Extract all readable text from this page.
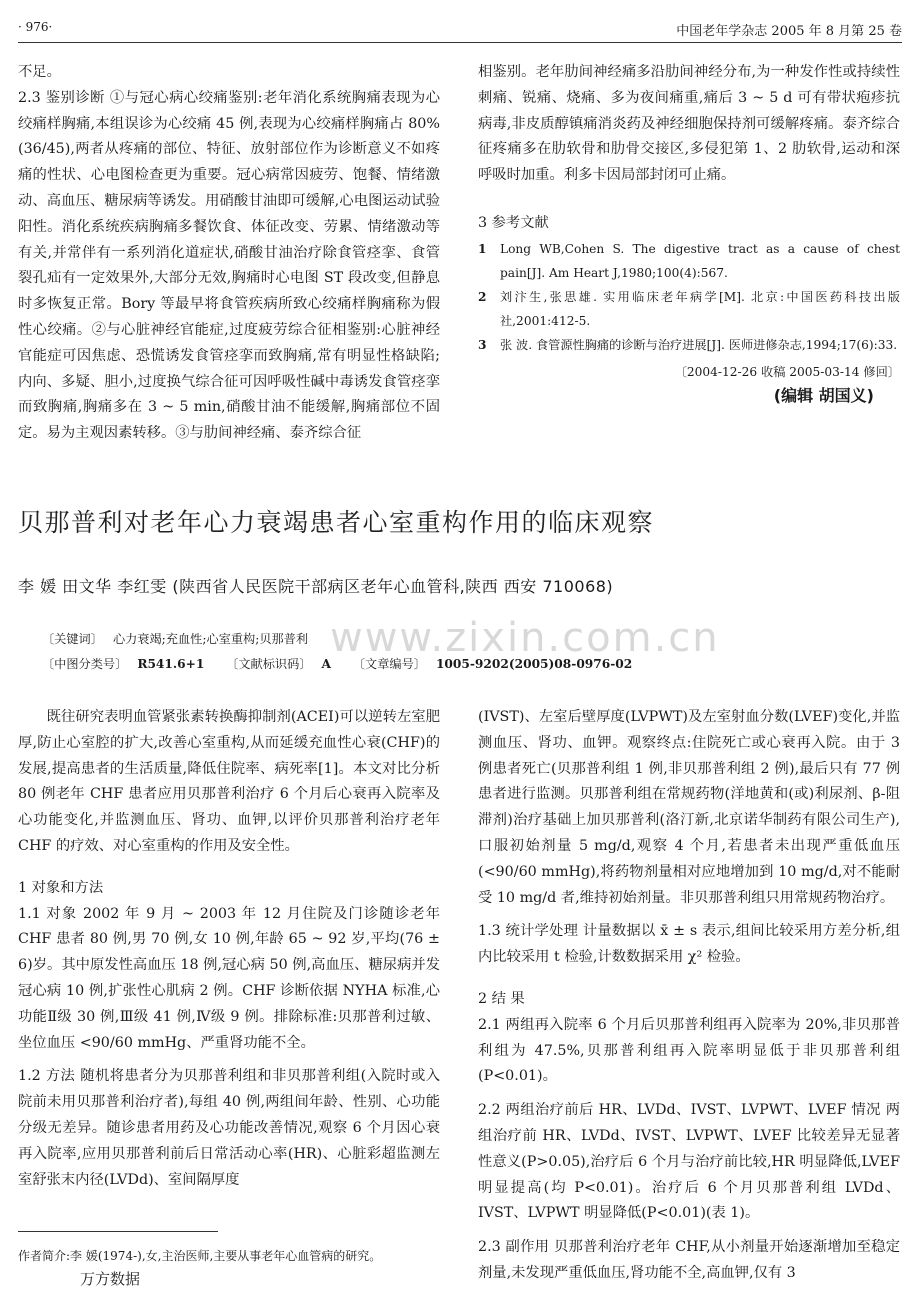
· 976·	中国老年学杂志 2005 年 8 月第 25 卷

不足。

2.3 鉴别诊断 ①与冠心病心绞痛鉴别:老年消化系统胸痛表现为心绞痛样胸痛,本组误诊为心绞痛 45 例,表现为心绞痛样胸痛占 80%(36/45),两者从疼痛的部位、特征、放射部位作为诊断意义不如疼痛的性状、心电图检查更为重要。冠心病常因疲劳、饱餐、情绪激动、高血压、糖尿病等诱发。用硝酸甘油即可缓解,心电图运动试验阳性。消化系统疾病胸痛多餐饮食、体征改变、劳累、情绪激动等有关,并常伴有一系列消化道症状,硝酸甘油治疗除食管痉挛、食管裂孔疝有一定效果外,大部分无效,胸痛时心电图 ST 段改变,但静息时多恢复正常。Bory 等最早将食管疾病所致心绞痛样胸痛称为假性心绞痛。②与心脏神经官能症,过度疲劳综合征相鉴别:心脏神经官能症可因焦虑、恐慌诱发食管痉挛而致胸痛,常有明显性格缺陷;内向、多疑、胆小,过度换气综合征可因呼吸性碱中毒诱发食管痉挛而致胸痛,胸痛多在 3 ~ 5 min,硝酸甘油不能缓解,胸痛部位不固定。易为主观因素转移。③与肋间神经痛、泰齐综合征

相鉴别。老年肋间神经痛多沿肋间神经分布,为一种发作性或持续性刺痛、锐痛、烧痛、多为夜间痛重,痛后 3 ~ 5 d 可有带状疱疹抗 病毒,非皮质醇镇痛消炎药及神经细胞保持剂可缓解疼痛。泰齐综合征疼痛多在肋软骨和肋骨交接区,多侵犯第 1、2 肋软骨,运动和深呼吸时加重。利多卡因局部封闭可止痛。

3 参考文献

1	Long WB,Cohen S. The digestive tract as a cause of chest pain[J]. Am Heart J,1980;100(4):567.
2	刘汴生,张思雄. 实用临床老年病学[M]. 北京:中国医药科技出版社,2001:412-5.
3	张 波. 食管源性胸痛的诊断与治疗进展[J]. 医师进修杂志,1994;17(6):33.
〔2004-12-26 收稿 2005-03-14 修回〕
(编辑 胡国义)
贝那普利对老年心力衰竭患者心室重构作用的临床观察
李 媛 田文华 李红雯 (陕西省人民医院干部病区老年心血管科,陕西 西安 710068)
www.zixin.com.cn
〔关键词〕 心力衰竭;充血性;心室重构;贝那普利
〔中图分类号〕 R541.6+1 〔文献标识码〕 A 〔文章编号〕 1005-9202(2005)08-0976-02

既往研究表明血管紧张素转换酶抑制剂(ACEI)可以逆转左室肥厚,防止心室腔的扩大,改善心室重构,从而延缓充血性心衰(CHF)的发展,提高患者的生活质量,降低住院率、病死率[1]。本文对比分析 80 例老年 CHF 患者应用贝那普利治疗 6 个月后心衰再入院率及心功能变化,并监测血压、肾功、血钾,以评价贝那普利治疗老年 CHF 的疗效、对心室重构的作用及安全性。

1 对象和方法

1.1 对象 2002 年 9 月 ~ 2003 年 12 月住院及门诊随诊老年 CHF 患者 80 例,男 70 例,女 10 例,年龄 65 ~ 92 岁,平均(76 ± 6)岁。其中原发性高血压 18 例,冠心病 50 例,高血压、糖尿病并发冠心病 10 例,扩张性心肌病 2 例。CHF 诊断依据 NYHA 标准,心功能Ⅱ级 30 例,Ⅲ级 41 例,Ⅳ级 9 例。排除标准:贝那普利过敏、坐位血压 <90/60 mmHg、严重肾功能不全。

1.2 方法 随机将患者分为贝那普利组和非贝那普利组(入院时或入院前未用贝那普利治疗者),每组 40 例,两组间年龄、性别、心功能分级无差异。随诊患者用药及心功能改善情况,观察 6 个月因心衰再入院率,应用贝那普利前后日常活动心率(HR)、心脏彩超监测左室舒张末内径(LVDd)、室间隔厚度

(IVST)、左室后壁厚度(LVPWT)及左室射血分数(LVEF)变化,并监测血压、肾功、血钾。观察终点:住院死亡或心衰再入院。由于 3 例患者死亡(贝那普利组 1 例,非贝那普利组 2 例),最后只有 77 例患者进行监测。贝那普利组在常规药物(洋地黄和(或)利尿剂、β-阻滞剂)治疗基础上加贝那普利(洛汀新,北京诺华制药有限公司生产),口服初始剂量 5 mg/d,观察 4 个月,若患者未出现严重低血压(<90/60 mmHg),将药物剂量相对应地增加到 10 mg/d,对不能耐受 10 mg/d 者,维持初始剂量。非贝那普利组只用常规药物治疗。

1.3 统计学处理 计量数据以 x̄ ± s 表示,组间比较采用方差分析,组内比较采用 t 检验,计数数据采用 χ² 检验。

2 结 果

2.1 两组再入院率 6 个月后贝那普利组再入院率为 20%,非贝那普利组为 47.5%,贝那普利组再入院率明显低于非贝那普利组(P<0.01)。

2.2 两组治疗前后 HR、LVDd、IVST、LVPWT、LVEF 情况 两组治疗前 HR、LVDd、IVST、LVPWT、LVEF 比较差异无显著性意义(P>0.05),治疗后 6 个月与治疗前比较,HR 明显降低,LVEF 明显提高(均 P<0.01)。治疗后 6 个月贝那普利组 LVDd、IVST、LVPWT 明显降低(P<0.01)(表 1)。

2.3 副作用 贝那普利治疗老年 CHF,从小剂量开始逐渐增加至稳定剂量,未发现严重低血压,肾功能不全,高血钾,仅有 3

作者简介:李 媛(1974-),女,主治医师,主要从事老年心血管病的研究。
万方数据
